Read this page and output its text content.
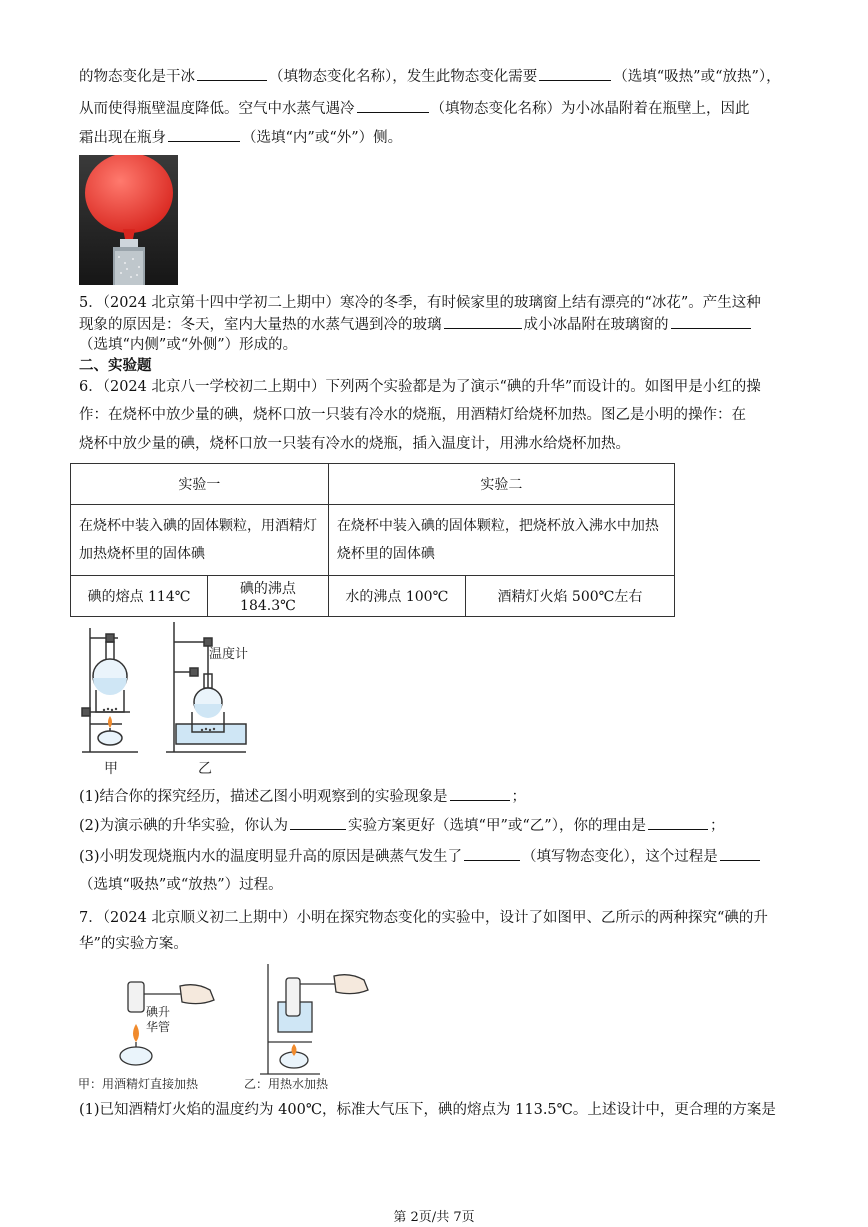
的物态变化是干冰	（填物态变化名称），发生此物态变化需要	（选填“吸热”或“放热”），
从而使得瓶壁温度降低。空气中水蒸气遇冷	（填物态变化名称）为小冰晶附着在瓶壁上，因此
霜出现在瓶身	（选填“内”或“外”）侧。
5．（2024 北京第十四中学初二上期中）寒冷的冬季，有时候家里的玻璃窗上结有漂亮的“冰花”。产生这种
现象的原因是：冬天，室内大量热的水蒸气遇到冷的玻璃	成小冰晶附在玻璃窗的
（选填“内侧”或“外侧”）形成的。
二、实验题
6．（2024 北京八一学校初二上期中）下列两个实验都是为了演示“碘的升华”而设计的。如图甲是小红的操
作：在烧杯中放少量的碘，烧杯口放一只装有冷水的烧瓶，用酒精灯给烧杯加热。图乙是小明的操作：在
烧杯中放少量的碘，烧杯口放一只装有冷水的烧瓶，插入温度计，用沸水给烧杯加热。
实验一		实验二	
在烧杯中装入碘的固体颗粒，用酒精灯加热烧杯里的固体碘		在烧杯中装入碘的固体颗粒，把烧杯放入沸水中加热烧杯里的固体碘	
碘的熔点 114℃	碘的沸点 184.3℃	水的沸点 100℃	酒精灯火焰 500℃左右
温度计
甲	乙
(1)结合你的探究经历，描述乙图小明观察到的实验现象是	；
(2)为演示碘的升华实验，你认为	实验方案更好（选填“甲”或“乙”），你的理由是	；
(3)小明发现烧瓶内水的温度明显升高的原因是碘蒸气发生了	（填写物态变化），这个过程是
（选填“吸热”或“放热”）过程。
7．（2024 北京顺义初二上期中）小明在探究物态变化的实验中，设计了如图甲、乙所示的两种探究“碘的升
华”的实验方案。
碘升
华管
甲：用酒精灯直接加热	乙：用热水加热
(1)已知酒精灯火焰的温度约为 400℃，标准大气压下，碘的熔点为 113.5℃。上述设计中，更合理的方案是
第 2页/共 7页
